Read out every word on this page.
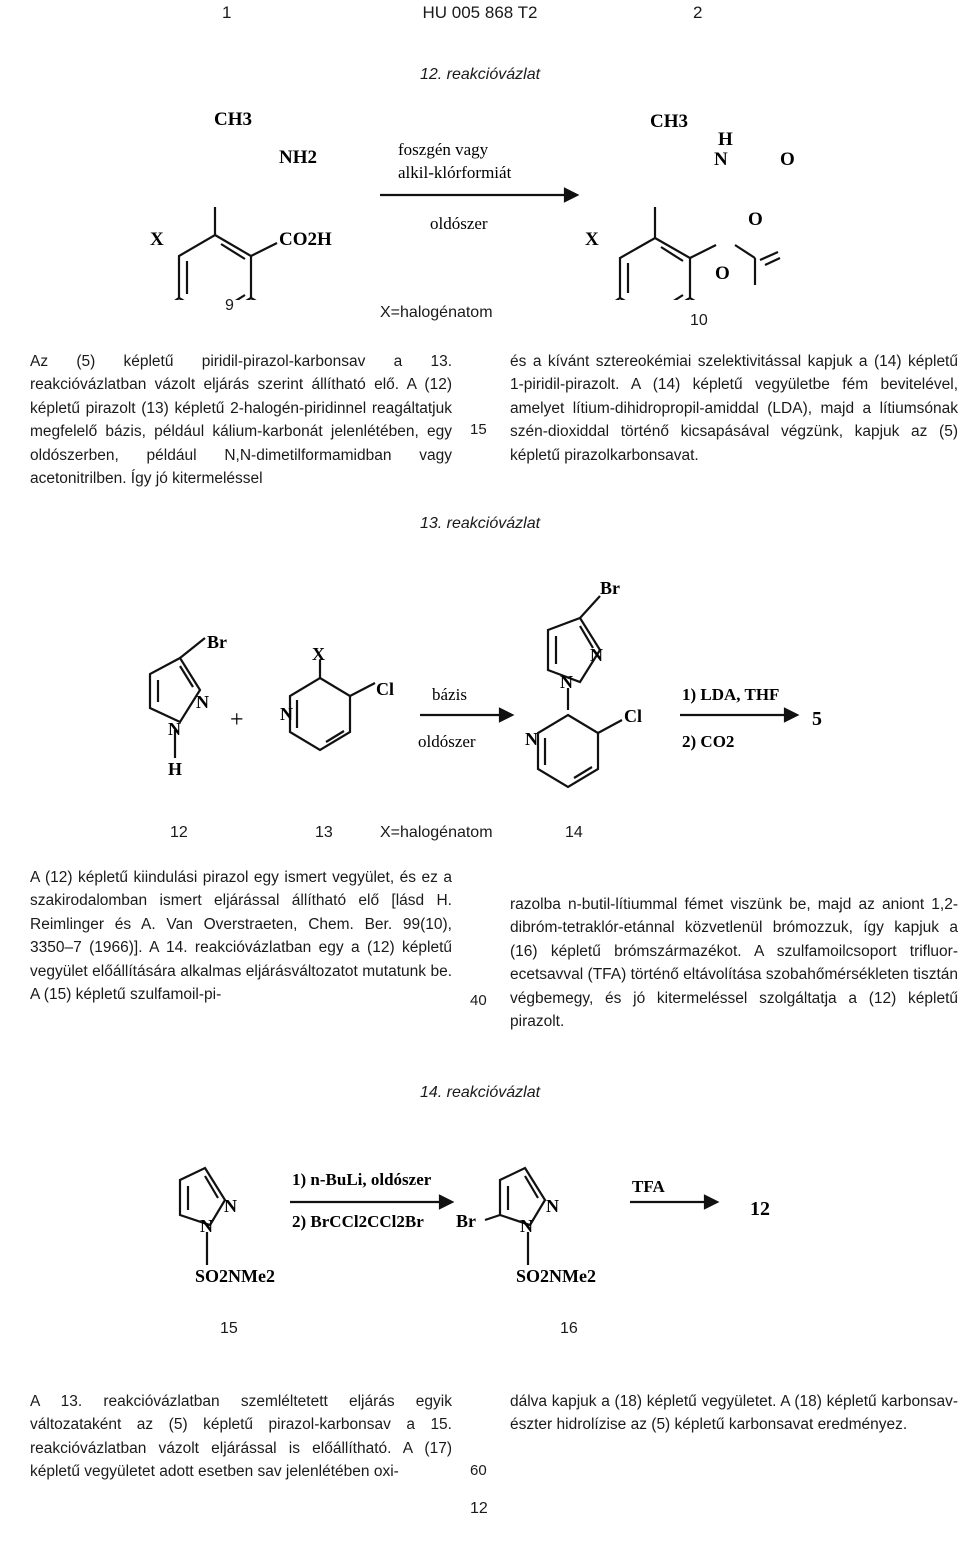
1	HU 005 868 T2	2
12. reakcióvázlat
CH3
NH2
CO2H
X
foszgén vagy
alkil-klórformiát
oldószer
CH3
H
N	O
O
O
X
9	X=halogénatom	10
Az (5) képletű piridil-pirazol-karbonsav a 13. reakcióvázlatban vázolt eljárás szerint állítható elő. A (12) képletű pirazolt (13) képletű 2-halogén-piridinnel reagáltatjuk megfelelő bázis, például kálium-karbonát jelenlétében, egy oldószerben, például N,N-dimetilformamidban vagy acetonitrilben. Így jó kitermeléssel
15
és a kívánt sztereokémiai szelektivitással kapjuk a (14) képletű 1-piridil-pirazolt. A (14) képletű vegyületbe fém bevitelével, amelyet lítium-dihidropropil-amiddal (LDA), majd a lítiumsónak szén-dioxiddal történő kicsapásával végzünk, kapjuk az (5) képletű pirazolkarbonsavat.
13. reakcióvázlat
Br
N
N
H
+
X
Cl
N
bázis
oldószer
Br
N
N
N
Cl
1) LDA, THF
2) CO2
5
12	13	X=halogénatom	14
A (12) képletű kiindulási pirazol egy ismert vegyület, és ez a szakirodalomban ismert eljárással állítható elő [lásd H. Reimlinger és A. Van Overstraeten, Chem. Ber. 99(10), 3350–7 (1966)]. A 14. reakcióvázlatban egy a (12) képletű vegyület előállítására alkalmas eljárásváltozatot mutatunk be. A (15) képletű szulfamoil-pi-	40
razolba n-butil-lítiummal fémet viszünk be, majd az aniont 1,2-dibróm-tetraklór-etánnal közvetlenül brómozzuk, így kapjuk a (16) képletű brómszármazékot. A szulfamoilcsoport trifluor-ecetsavval (TFA) történő eltávolítása szobahőmérsékleten tisztán végbemegy, és jó kitermeléssel szolgáltatja a (12) képletű pirazolt.
14. reakcióvázlat
N
N
SO2NMe2
1) n-BuLi, oldószer
2) BrCCl2CCl2Br Br
N
N
SO2NMe2
TFA
12
15	16
A 13. reakcióvázlatban szemléltetett eljárás egyik változataként az (5) képletű pirazol-karbonsav a 15. reakcióvázlatban vázolt eljárással is előállítható. A (17) képletű vegyületet adott esetben sav jelenlétében oxi-	60
dálva kapjuk a (18) képletű vegyületet. A (18) képletű karbonsav-észter hidrolízise az (5) képletű karbonsavat eredményez.
12
